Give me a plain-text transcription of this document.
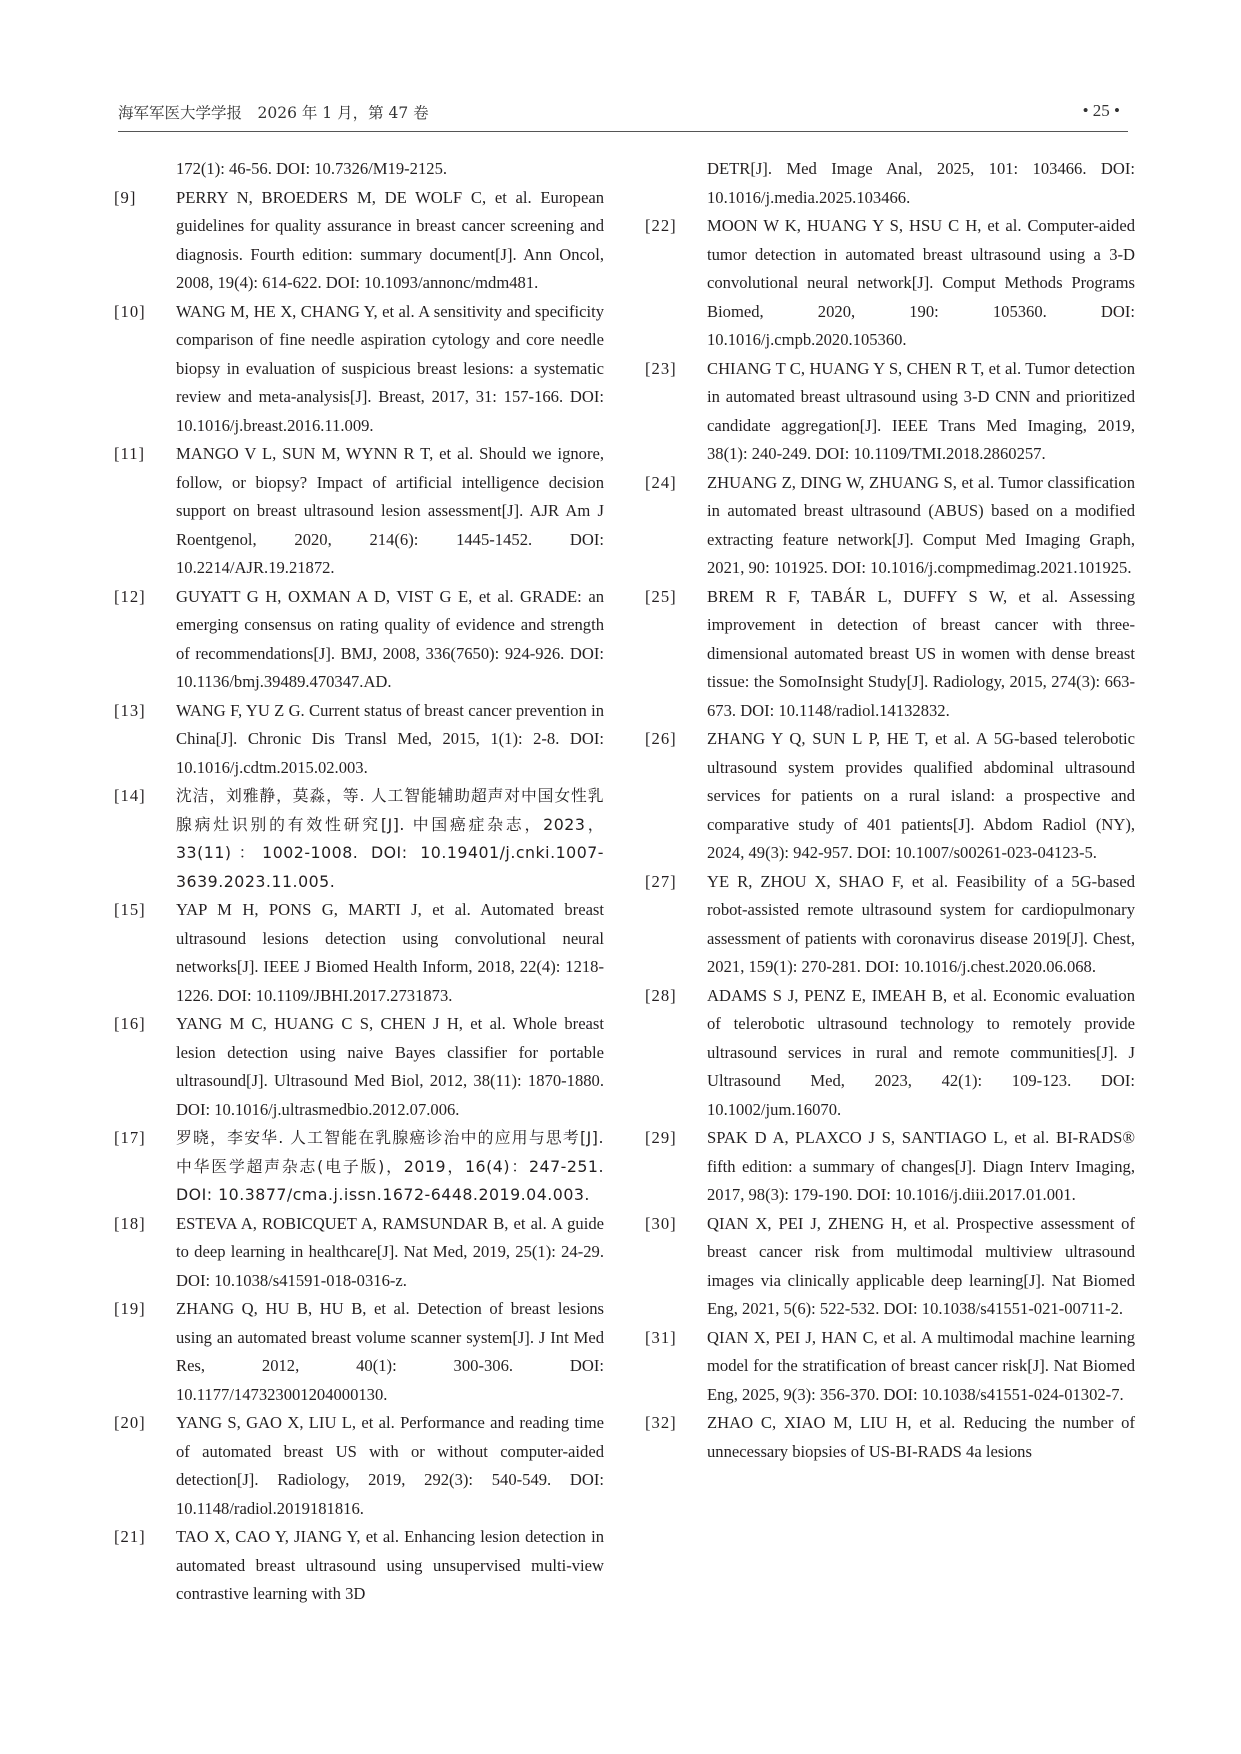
海军军医大学学报　2026 年 1 月，第 47 卷	• 25 •
172(1): 46-56. DOI: 10.7326/M19-2125.
[9]	PERRY N, BROEDERS M, DE WOLF C, et al. European guidelines for quality assurance in breast cancer screening and diagnosis. Fourth edition: summary document[J]. Ann Oncol, 2008, 19(4): 614-622. DOI: 10.1093/annonc/mdm481.
[10]	WANG M, HE X, CHANG Y, et al. A sensitivity and specificity comparison of fine needle aspiration cytology and core needle biopsy in evaluation of suspicious breast lesions: a systematic review and meta-analysis[J]. Breast, 2017, 31: 157-166. DOI: 10.1016/j.breast.2016.11.009.
[11]	MANGO V L, SUN M, WYNN R T, et al. Should we ignore, follow, or biopsy? Impact of artificial intelligence decision support on breast ultrasound lesion assessment[J]. AJR Am J Roentgenol, 2020, 214(6): 1445-1452. DOI: 10.2214/AJR.19.21872.
[12]	GUYATT G H, OXMAN A D, VIST G E, et al. GRADE: an emerging consensus on rating quality of evidence and strength of recommendations[J]. BMJ, 2008, 336(7650): 924-926. DOI: 10.1136/bmj.39489.470347.AD.
[13]	WANG F, YU Z G. Current status of breast cancer prevention in China[J]. Chronic Dis Transl Med, 2015, 1(1): 2-8. DOI: 10.1016/j.cdtm.2015.02.003.
[14]	沈洁，刘雅静，莫淼，等. 人工智能辅助超声对中国女性乳腺病灶识别的有效性研究[J]. 中国癌症杂志，2023，33(11)：1002-1008. DOI: 10.19401/j.cnki.1007-3639.2023.11.005.
[15]	YAP M H, PONS G, MARTI J, et al. Automated breast ultrasound lesions detection using convolutional neural networks[J]. IEEE J Biomed Health Inform, 2018, 22(4): 1218-1226. DOI: 10.1109/JBHI.2017.2731873.
[16]	YANG M C, HUANG C S, CHEN J H, et al. Whole breast lesion detection using naive Bayes classifier for portable ultrasound[J]. Ultrasound Med Biol, 2012, 38(11): 1870-1880. DOI: 10.1016/j.ultrasmedbio.2012.07.006.
[17]	罗晓，李安华. 人工智能在乳腺癌诊治中的应用与思考[J]. 中华医学超声杂志(电子版)，2019，16(4)：247-251. DOI: 10.3877/cma.j.issn.1672-6448.2019.04.003.
[18]	ESTEVA A, ROBICQUET A, RAMSUNDAR B, et al. A guide to deep learning in healthcare[J]. Nat Med, 2019, 25(1): 24-29. DOI: 10.1038/s41591-018-0316-z.
[19]	ZHANG Q, HU B, HU B, et al. Detection of breast lesions using an automated breast volume scanner system[J]. J Int Med Res, 2012, 40(1): 300-306. DOI: 10.1177/147323001204000130.
[20]	YANG S, GAO X, LIU L, et al. Performance and reading time of automated breast US with or without computer-aided detection[J]. Radiology, 2019, 292(3): 540-549. DOI: 10.1148/radiol.2019181816.
[21]	TAO X, CAO Y, JIANG Y, et al. Enhancing lesion detection in automated breast ultrasound using unsupervised multi-view contrastive learning with 3D
DETR[J]. Med Image Anal, 2025, 101: 103466. DOI: 10.1016/j.media.2025.103466.
[22]	MOON W K, HUANG Y S, HSU C H, et al. Computer-aided tumor detection in automated breast ultrasound using a 3-D convolutional neural network[J]. Comput Methods Programs Biomed, 2020, 190: 105360. DOI: 10.1016/j.cmpb.2020.105360.
[23]	CHIANG T C, HUANG Y S, CHEN R T, et al. Tumor detection in automated breast ultrasound using 3-D CNN and prioritized candidate aggregation[J]. IEEE Trans Med Imaging, 2019, 38(1): 240-249. DOI: 10.1109/TMI.2018.2860257.
[24]	ZHUANG Z, DING W, ZHUANG S, et al. Tumor classification in automated breast ultrasound (ABUS) based on a modified extracting feature network[J]. Comput Med Imaging Graph, 2021, 90: 101925. DOI: 10.1016/j.compmedimag.2021.101925.
[25]	BREM R F, TABÁR L, DUFFY S W, et al. Assessing improvement in detection of breast cancer with three-dimensional automated breast US in women with dense breast tissue: the SomoInsight Study[J]. Radiology, 2015, 274(3): 663-673. DOI: 10.1148/radiol.14132832.
[26]	ZHANG Y Q, SUN L P, HE T, et al. A 5G-based telerobotic ultrasound system provides qualified abdominal ultrasound services for patients on a rural island: a prospective and comparative study of 401 patients[J]. Abdom Radiol (NY), 2024, 49(3): 942-957. DOI: 10.1007/s00261-023-04123-5.
[27]	YE R, ZHOU X, SHAO F, et al. Feasibility of a 5G-based robot-assisted remote ultrasound system for cardiopulmonary assessment of patients with coronavirus disease 2019[J]. Chest, 2021, 159(1): 270-281. DOI: 10.1016/j.chest.2020.06.068.
[28]	ADAMS S J, PENZ E, IMEAH B, et al. Economic evaluation of telerobotic ultrasound technology to remotely provide ultrasound services in rural and remote communities[J]. J Ultrasound Med, 2023, 42(1): 109-123. DOI: 10.1002/jum.16070.
[29]	SPAK D A, PLAXCO J S, SANTIAGO L, et al. BI-RADS® fifth edition: a summary of changes[J]. Diagn Interv Imaging, 2017, 98(3): 179-190. DOI: 10.1016/j.diii.2017.01.001.
[30]	QIAN X, PEI J, ZHENG H, et al. Prospective assessment of breast cancer risk from multimodal multiview ultrasound images via clinically applicable deep learning[J]. Nat Biomed Eng, 2021, 5(6): 522-532. DOI: 10.1038/s41551-021-00711-2.
[31]	QIAN X, PEI J, HAN C, et al. A multimodal machine learning model for the stratification of breast cancer risk[J]. Nat Biomed Eng, 2025, 9(3): 356-370. DOI: 10.1038/s41551-024-01302-7.
[32]	ZHAO C, XIAO M, LIU H, et al. Reducing the number of unnecessary biopsies of US-BI-RADS 4a lesions
